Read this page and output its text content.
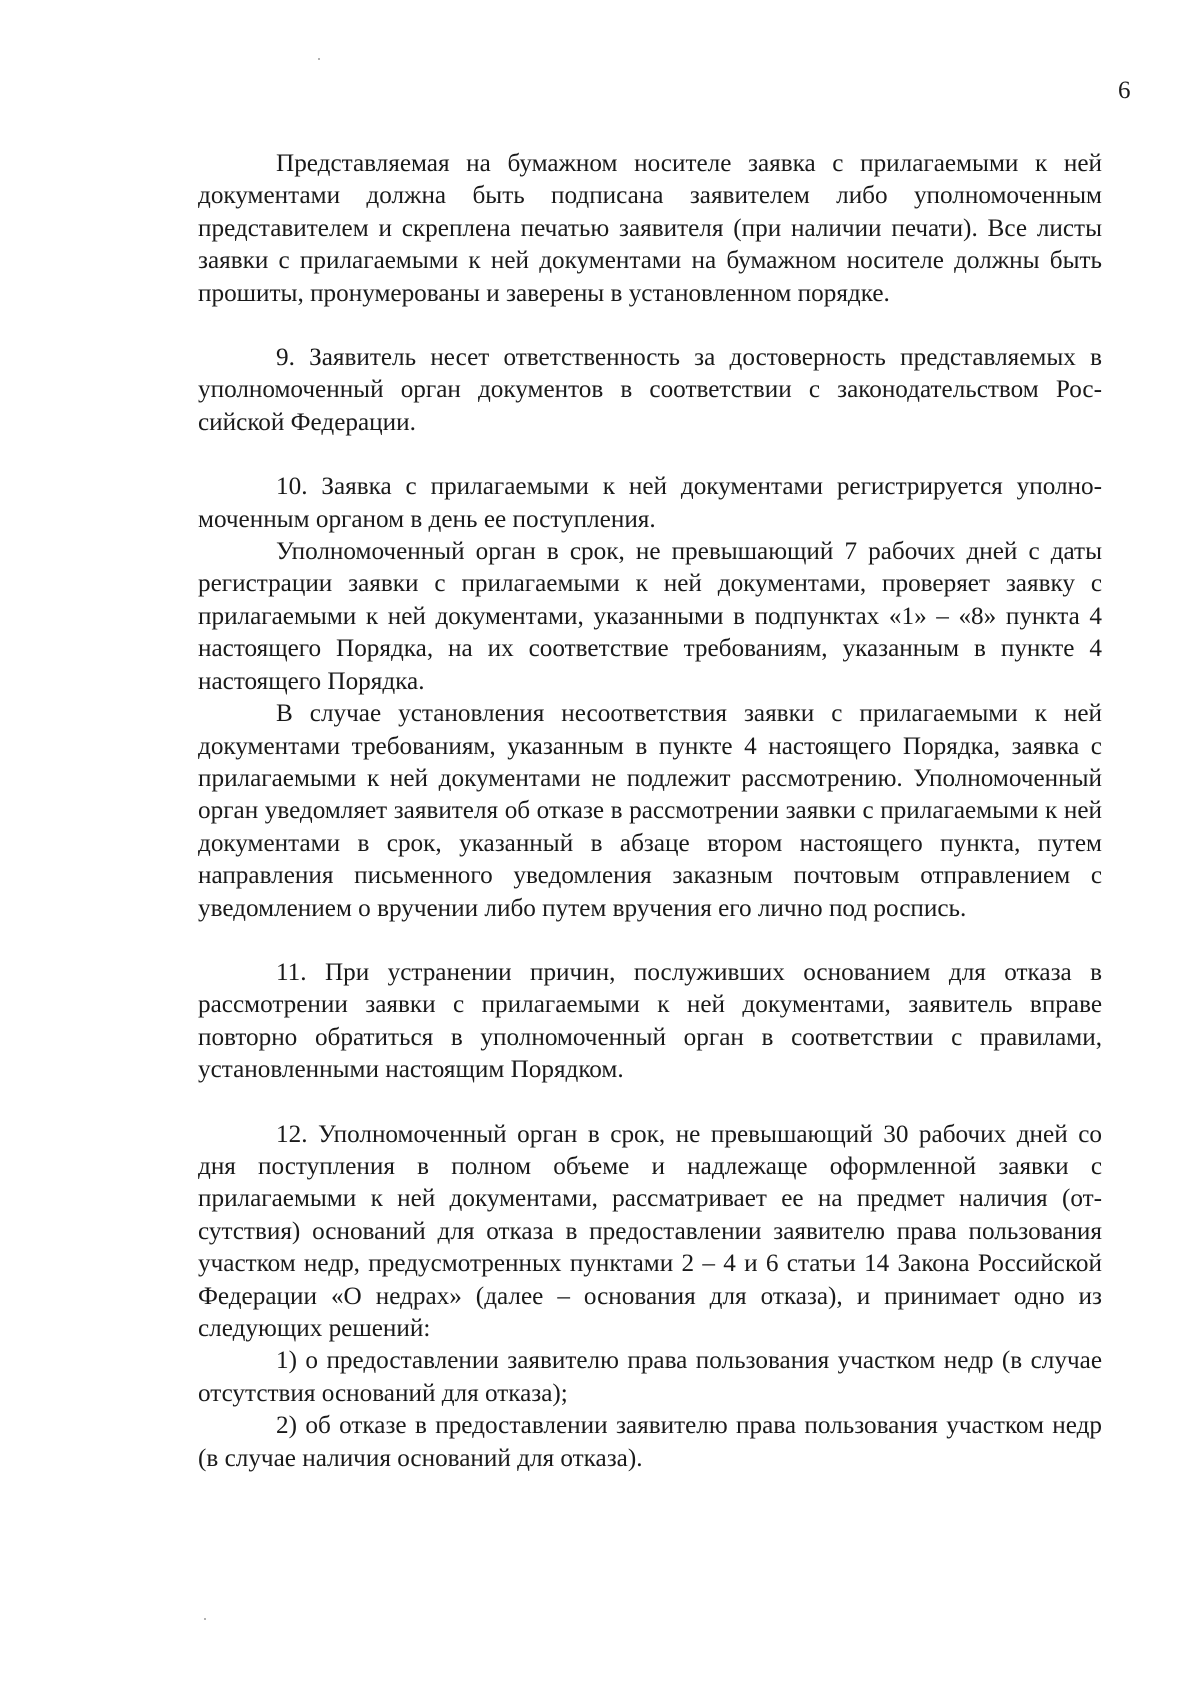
6

Представляемая на бумажном носителе заявка с прилагаемыми к ней документами должна быть подписана заявителем либо уполномоченным представителем и скреплена печатью заявителя (при наличии печати). Все листы заявки с прилагаемыми к ней документами на бумажном носителе должны быть прошиты, пронумерованы и заверены в установленном порядке.

9. Заявитель несет ответственность за достоверность представляемых в уполномоченный орган документов в соответствии с законодательством Российской Федерации.

10. Заявка с прилагаемыми к ней документами регистрируется уполномоченным органом в день ее поступления.

Уполномоченный орган в срок, не превышающий 7 рабочих дней с даты регистрации заявки с прилагаемыми к ней документами, проверяет заявку с прилагаемыми к ней документами, указанными в подпунктах «1» – «8» пункта 4 настоящего Порядка, на их соответствие требованиям, указанным в пункте 4 настоящего Порядка.

В случае установления несоответствия заявки с прилагаемыми к ней документами требованиям, указанным в пункте 4 настоящего Порядка, заявка с прилагаемыми к ней документами не подлежит рассмотрению. Уполномоченный орган уведомляет заявителя об отказе в рассмотрении заявки с прилагаемыми к ней документами в срок, указанный в абзаце втором настоящего пункта, путем направления письменного уведомления заказным почтовым отправлением с уведомлением о вручении либо путем вручения его лично под роспись.

11. При устранении причин, послуживших основанием для отказа в рассмотрении заявки с прилагаемыми к ней документами, заявитель вправе повторно обратиться в уполномоченный орган в соответствии с правилами, установленными настоящим Порядком.

12. Уполномоченный орган в срок, не превышающий 30 рабочих дней со дня поступления в полном объеме и надлежаще оформленной заявки с прилагаемыми к ней документами, рассматривает ее на предмет наличия (отсутствия) оснований для отказа в предоставлении заявителю права пользования участком недр, предусмотренных пунктами 2 – 4 и 6 статьи 14 Закона Российской Федерации «О недрах» (далее – основания для отказа), и принимает одно из следующих решений:

1) о предоставлении заявителю права пользования участком недр (в случае отсутствия оснований для отказа);

2) об отказе в предоставлении заявителю права пользования участком недр (в случае наличия оснований для отказа).
